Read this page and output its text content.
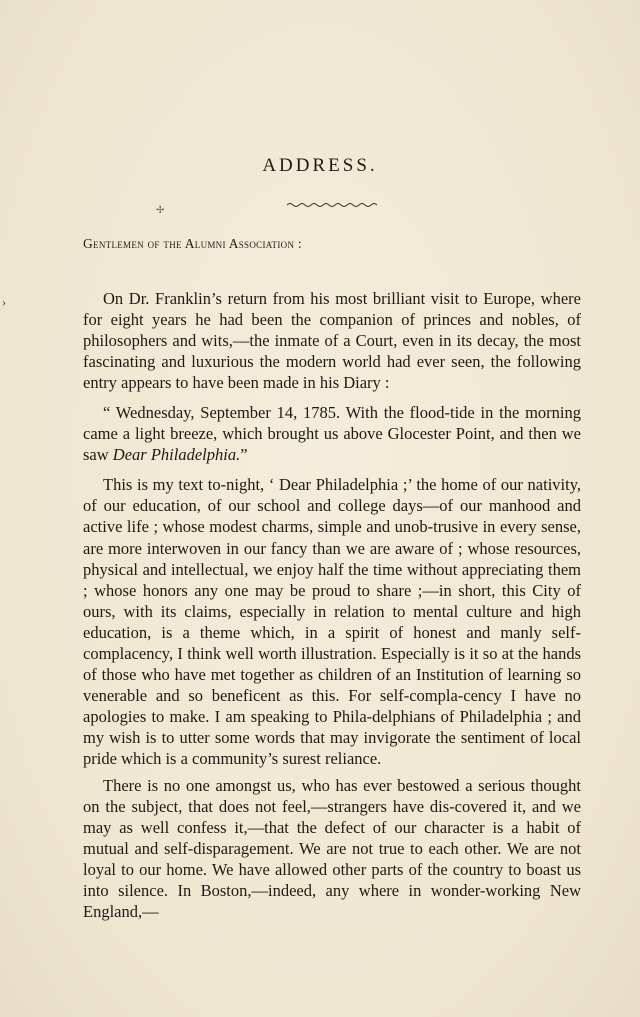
ADDRESS.
✢
›
Gentlemen of the Alumni Association :

On Dr. Franklin’s return from his most brilliant visit to Europe, where for eight years he had been the companion of princes and nobles, of philosophers and wits,—the inmate of a Court, even in its decay, the most fascinating and luxurious the modern world had ever seen, the following entry appears to have been made in his Diary :

“ Wednesday, September 14, 1785. With the flood-tide in the morning came a light breeze, which brought us above Glocester Point, and then we saw Dear Philadelphia.”

This is my text to-night, ‘ Dear Philadelphia ;’ the home of our nativity, of our education, of our school and college days—of our manhood and active life ; whose modest charms, simple and unob-trusive in every sense, are more interwoven in our fancy than we are aware of ; whose resources, physical and intellectual, we enjoy half the time without appreciating them ; whose honors any one may be proud to share ;—in short, this City of ours, with its claims, especially in relation to mental culture and high education, is a theme which, in a spirit of honest and manly self-complacency, I think well worth illustration. Especially is it so at the hands of those who have met together as children of an Institution of learning so venerable and so beneficent as this. For self-compla-cency I have no apologies to make. I am speaking to Phila-delphians of Philadelphia ; and my wish is to utter some words that may invigorate the sentiment of local pride which is a community’s surest reliance.

There is no one amongst us, who has ever bestowed a serious thought on the subject, that does not feel,—strangers have dis-covered it, and we may as well confess it,—that the defect of our character is a habit of mutual and self-disparagement. We are not true to each other. We are not loyal to our home. We have allowed other parts of the country to boast us into silence. In Boston,—indeed, any where in wonder-working New England,—
